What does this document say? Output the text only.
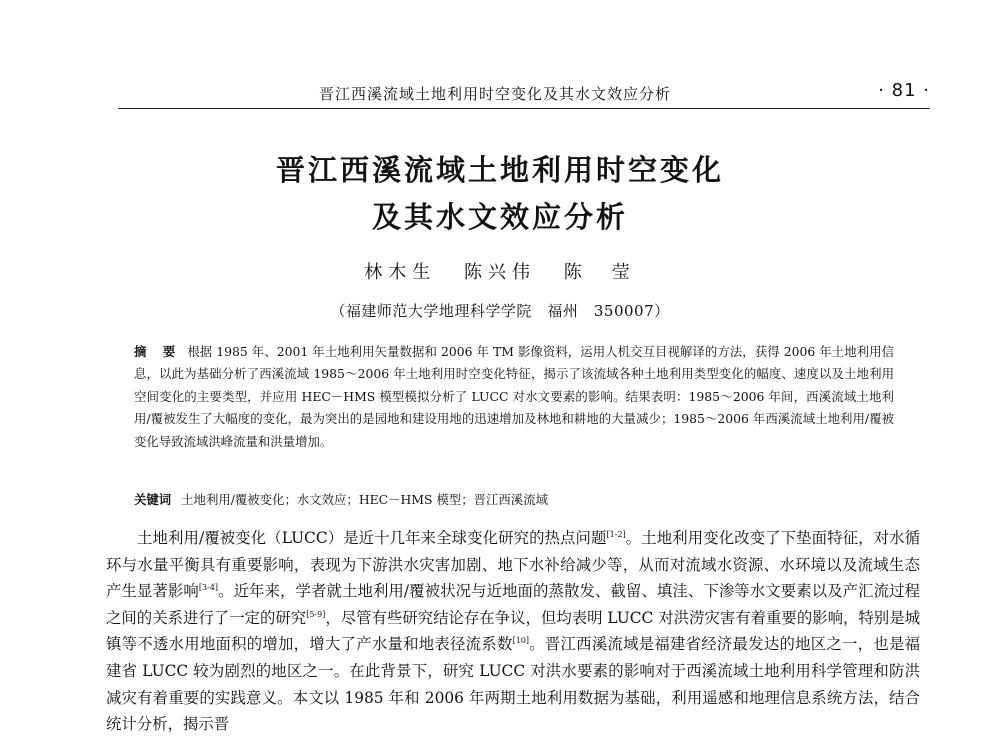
晋江西溪流域土地利用时空变化及其水文效应分析	· 81 ·
晋江西溪流域土地利用时空变化
及其水文效应分析
林木生 陈兴伟 陈　莹
（福建师范大学地理科学学院　福州　350007）
摘 要 根据 1985 年、2001 年土地利用矢量数据和 2006 年 TM 影像资料，运用人机交互目视解译的方法，获得 2006 年土地利用信息，以此为基础分析了西溪流域 1985～2006 年土地利用时空变化特征，揭示了该流域各种土地利用类型变化的幅度、速度以及土地利用空间变化的主要类型，并应用 HEC－HMS 模型模拟分析了 LUCC 对水文要素的影响。结果表明：1985～2006 年间，西溪流域土地利用/覆被发生了大幅度的变化，最为突出的是园地和建设用地的迅速增加及林地和耕地的大量减少；1985～2006 年西溪流域土地利用/覆被变化导致流域洪峰流量和洪量增加。
关键词 土地利用/覆被变化；水文效应；HEC－HMS 模型；晋江西溪流域
土地利用/覆被变化（LUCC）是近十几年来全球变化研究的热点问题[1-2]。土地利用变化改变了下垫面特征，对水循环与水量平衡具有重要影响，表现为下游洪水灾害加剧、地下水补给减少等，从而对流域水资源、水环境以及流域生态产生显著影响[3-4]。近年来，学者就土地利用/覆被状况与近地面的蒸散发、截留、填洼、下渗等水文要素以及产汇流过程之间的关系进行了一定的研究[5-9]，尽管有些研究结论存在争议，但均表明 LUCC 对洪涝灾害有着重要的影响，特别是城镇等不透水用地面积的增加，增大了产水量和地表径流系数[10]。晋江西溪流域是福建省经济最发达的地区之一，也是福建省 LUCC 较为剧烈的地区之一。在此背景下，研究 LUCC 对洪水要素的影响对于西溪流域土地利用科学管理和防洪减灾有着重要的实践意义。本文以 1985 年和 2006 年两期土地利用数据为基础，利用遥感和地理信息系统方法，结合统计分析，揭示晋
